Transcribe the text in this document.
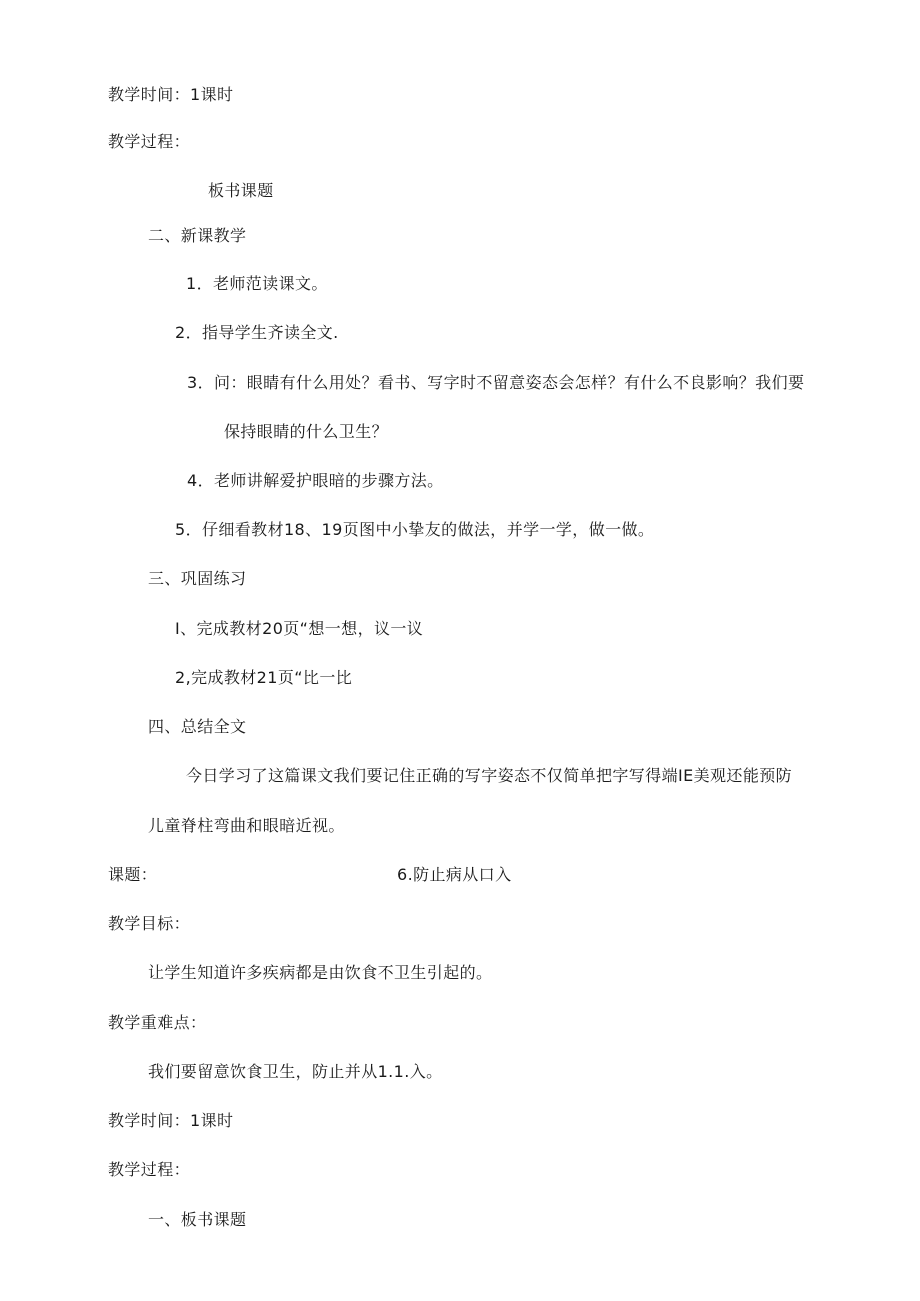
教学时间：1课时
教学过程：
板书课题
二、新课教学
1．老师范读课文。
2．指导学生齐读全文.
3．问：眼睛有什么用处？看书、写字时不留意姿态会怎样？有什么不良影响？我们要
保持眼睛的什么卫生？
4．老师讲解爱护眼暗的步骤方法。
5．仔细看教材18、19页图中小挚友的做法，并学一学，做一做。
三、巩固练习
I、完成教材20页“想一想，议一议
2,完成教材21页“比一比
四、总结全文
今日学习了这篇课文我们要记住正确的写字姿态不仅简单把字写得端IE美观还能预防
儿童脊柱弯曲和眼暗近视。
课题：	6.防止病从口入
教学目标：
让学生知道许多疾病都是由饮食不卫生引起的。
教学重难点：
我们要留意饮食卫生，防止并从1.1.入。
教学时间：1课时
教学过程：
一、板书课题
